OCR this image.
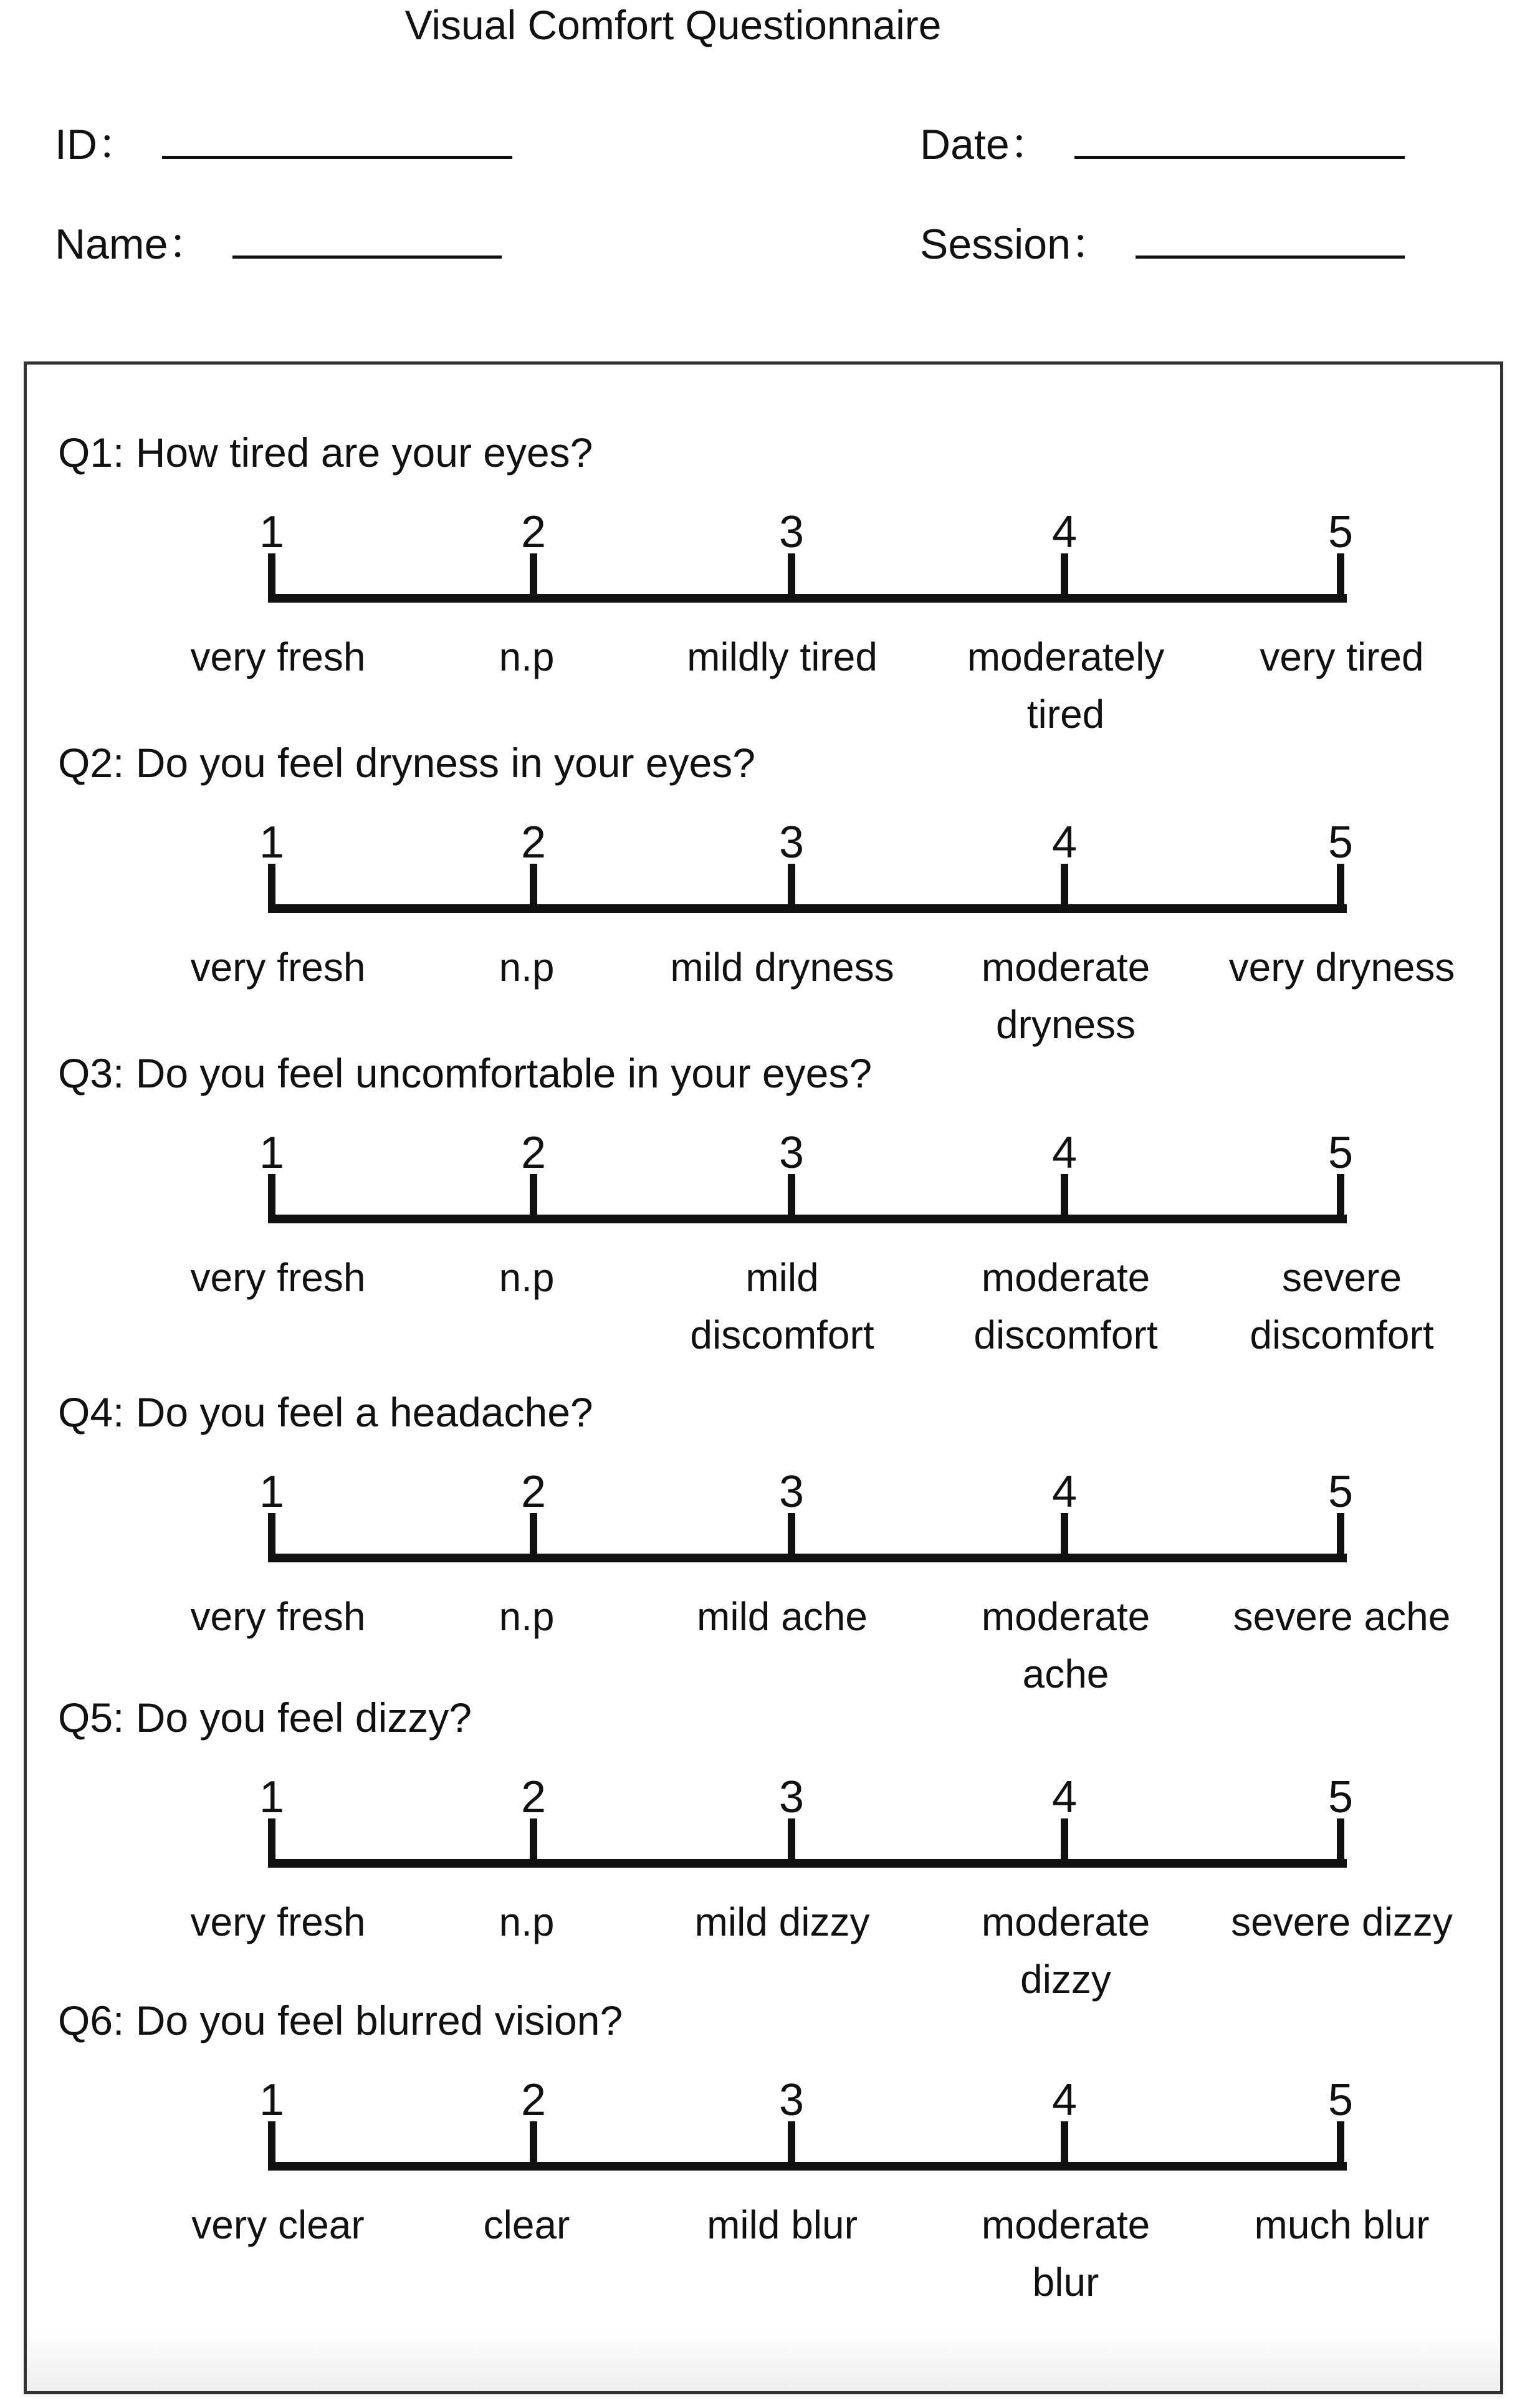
Visual Comfort Questionnaire
ID：	Date：
Name：	Session：
Q1: How tired are your eyes?
1
very fresh
2
n.p
3
mildly tired
4
moderately
tired
5
very tired
Q2: Do you feel dryness in your eyes?
1
very fresh
2
n.p
3
mild dryness
4
moderate
dryness
5
very dryness
Q3: Do you feel uncomfortable in your eyes?
1
very fresh
2
n.p
3
mild
discomfort
4
moderate
discomfort
5
severe
discomfort
Q4: Do you feel a headache?
1
very fresh
2
n.p
3
mild ache
4
moderate
ache
5
severe ache
Q5: Do you feel dizzy?
1
very fresh
2
n.p
3
mild dizzy
4
moderate
dizzy
5
severe dizzy
Q6: Do you feel blurred vision?
1
very clear
2
clear
3
mild blur
4
moderate
blur
5
much blur
